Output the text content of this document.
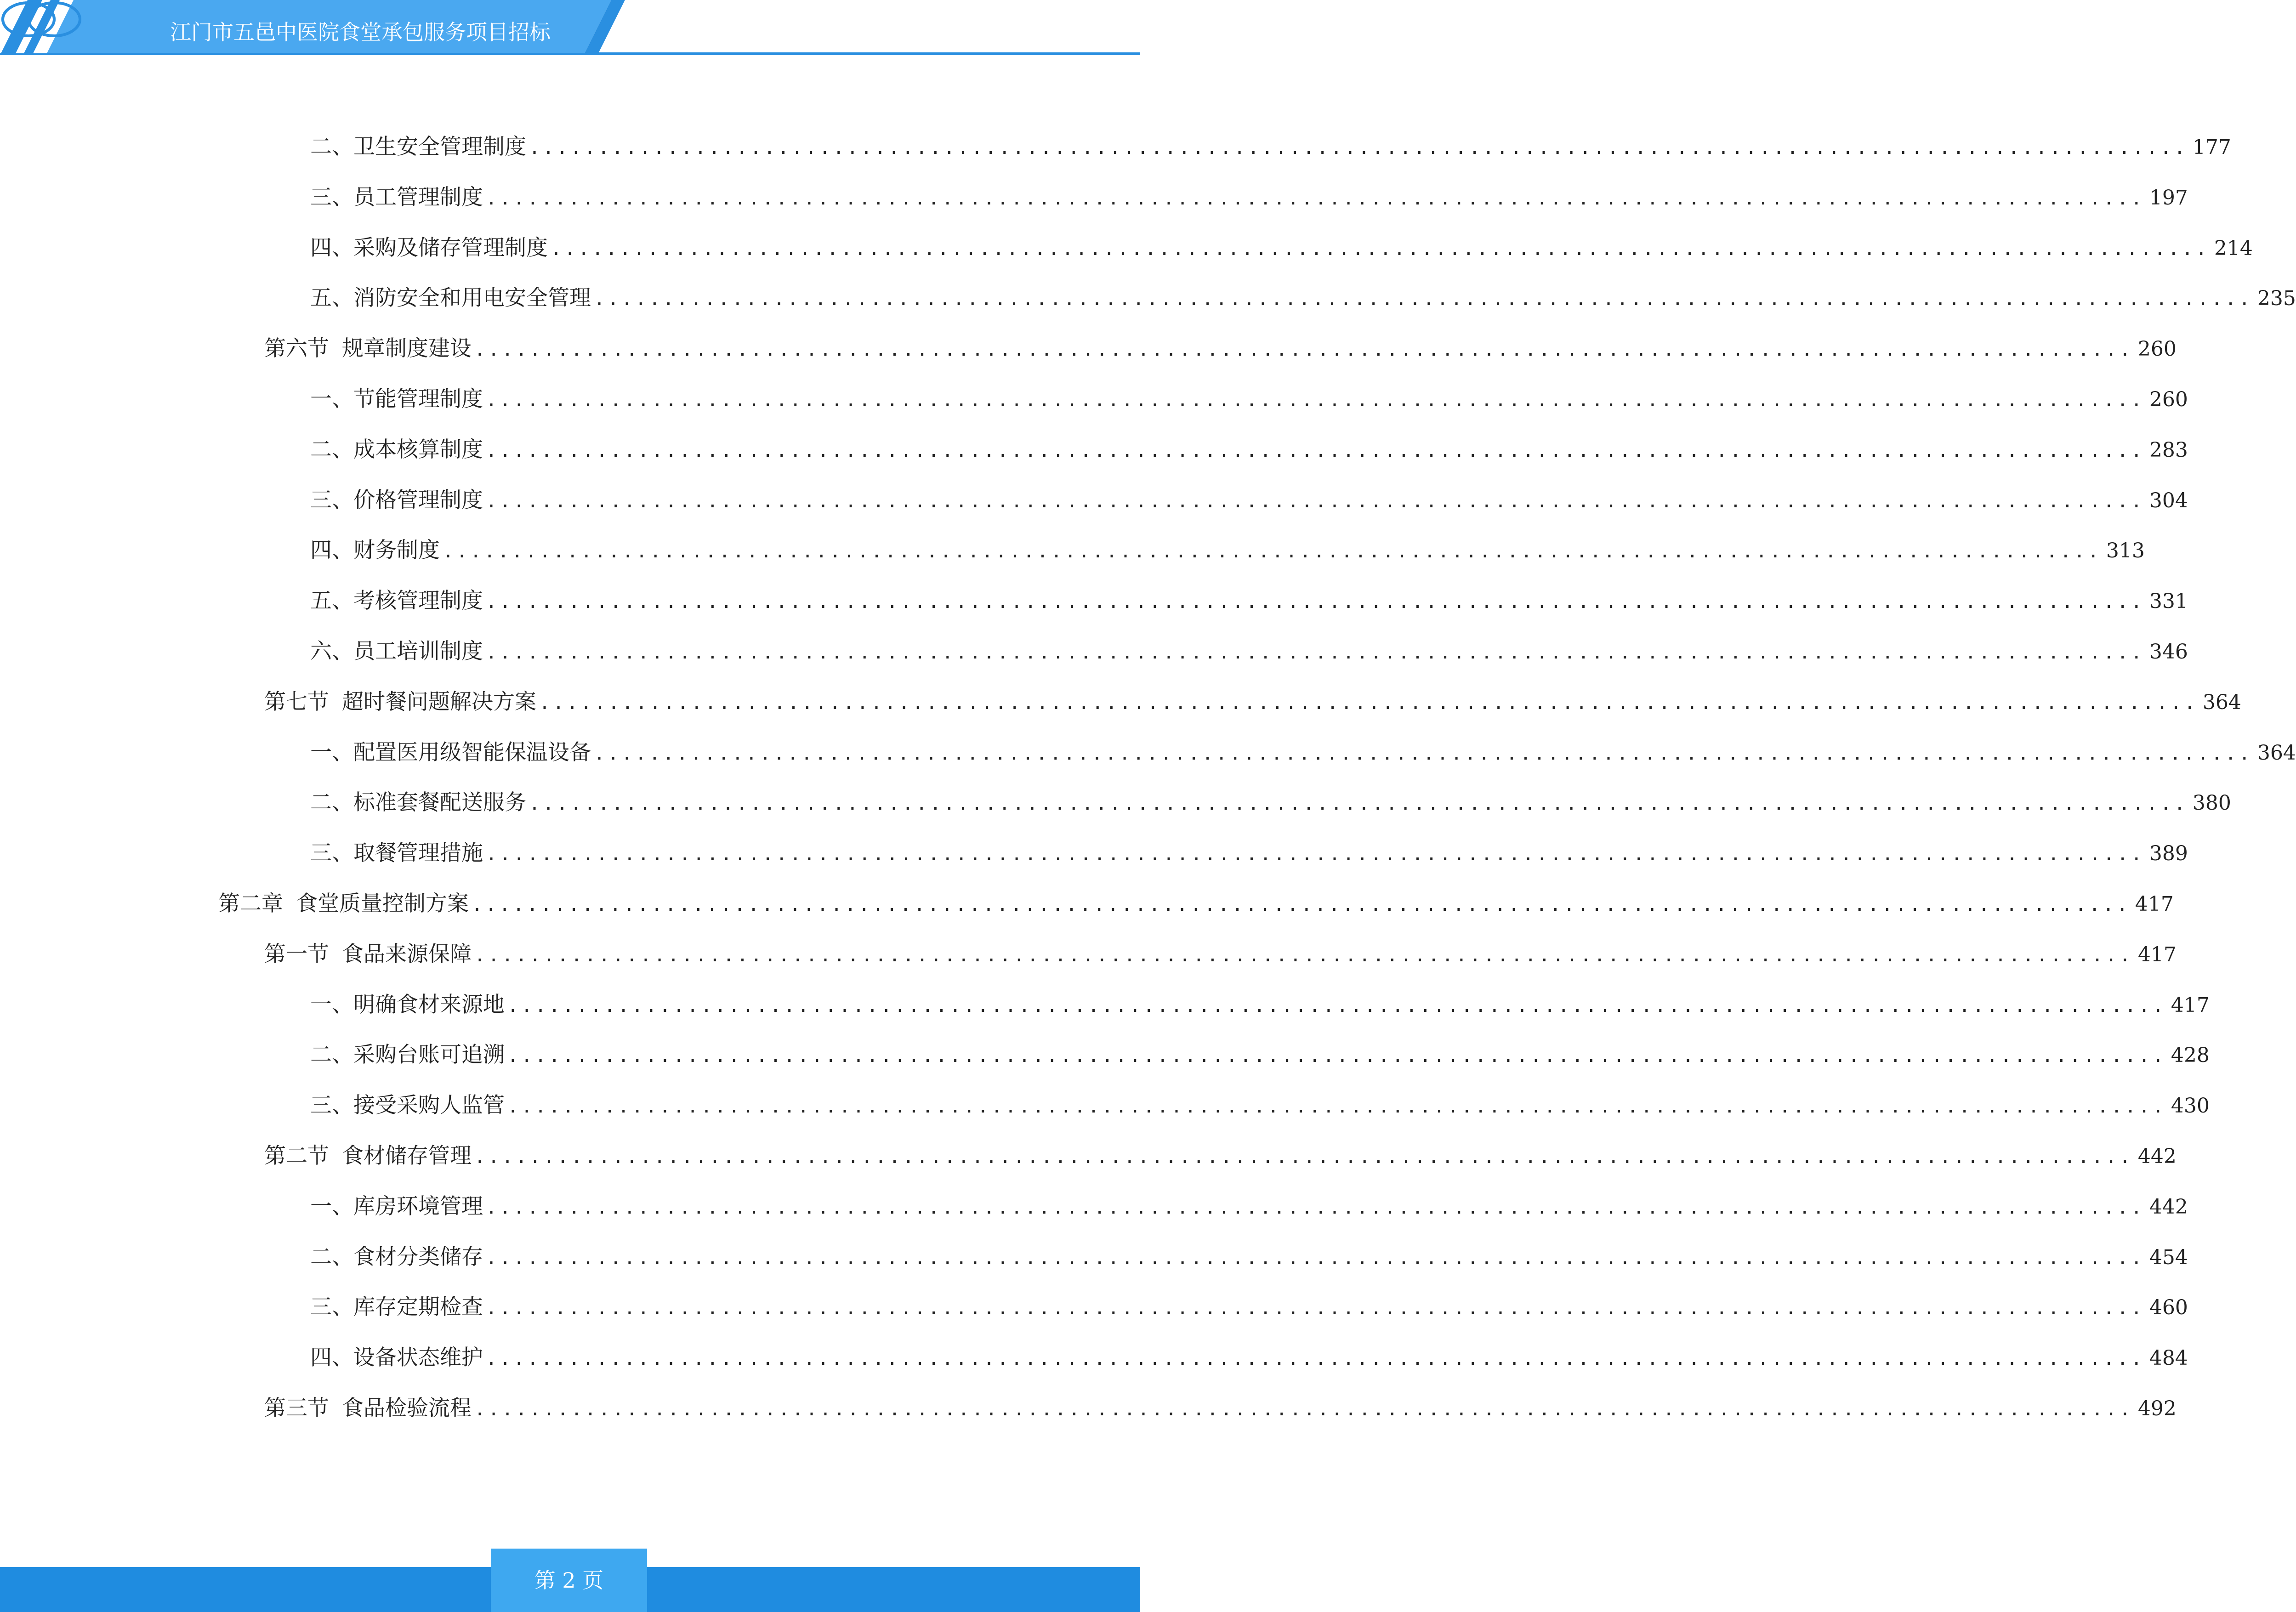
江门市五邑中医院食堂承包服务项目招标
二、 卫生安全管理制度 ........................................................................................................................ 177
三、 员工管理制度 ........................................................................................................................ 197
四、 采购及储存管理制度 ........................................................................................................................ 214
五、 消防安全和用电安全管理 ........................................................................................................................ 235
第六节 规章制度建设 ........................................................................................................................ 260
一、 节能管理制度 ........................................................................................................................ 260
二、 成本核算制度 ........................................................................................................................ 283
三、 价格管理制度 ........................................................................................................................ 304
四、 财务制度 ........................................................................................................................ 313
五、 考核管理制度 ........................................................................................................................ 331
六、 员工培训制度 ........................................................................................................................ 346
第七节 超时餐问题解决方案 ........................................................................................................................ 364
一、 配置医用级智能保温设备 ........................................................................................................................ 364
二、 标准套餐配送服务 ........................................................................................................................ 380
三、 取餐管理措施 ........................................................................................................................ 389
第二章 食堂质量控制方案 ........................................................................................................................ 417
第一节 食品来源保障 ........................................................................................................................ 417
一、 明确食材来源地 ........................................................................................................................ 417
二、 采购台账可追溯 ........................................................................................................................ 428
三、 接受采购人监管 ........................................................................................................................ 430
第二节 食材储存管理 ........................................................................................................................ 442
一、 库房环境管理 ........................................................................................................................ 442
二、 食材分类储存 ........................................................................................................................ 454
三、 库存定期检查 ........................................................................................................................ 460
四、 设备状态维护 ........................................................................................................................ 484
第三节 食品检验流程 ........................................................................................................................ 492
第 2 页
